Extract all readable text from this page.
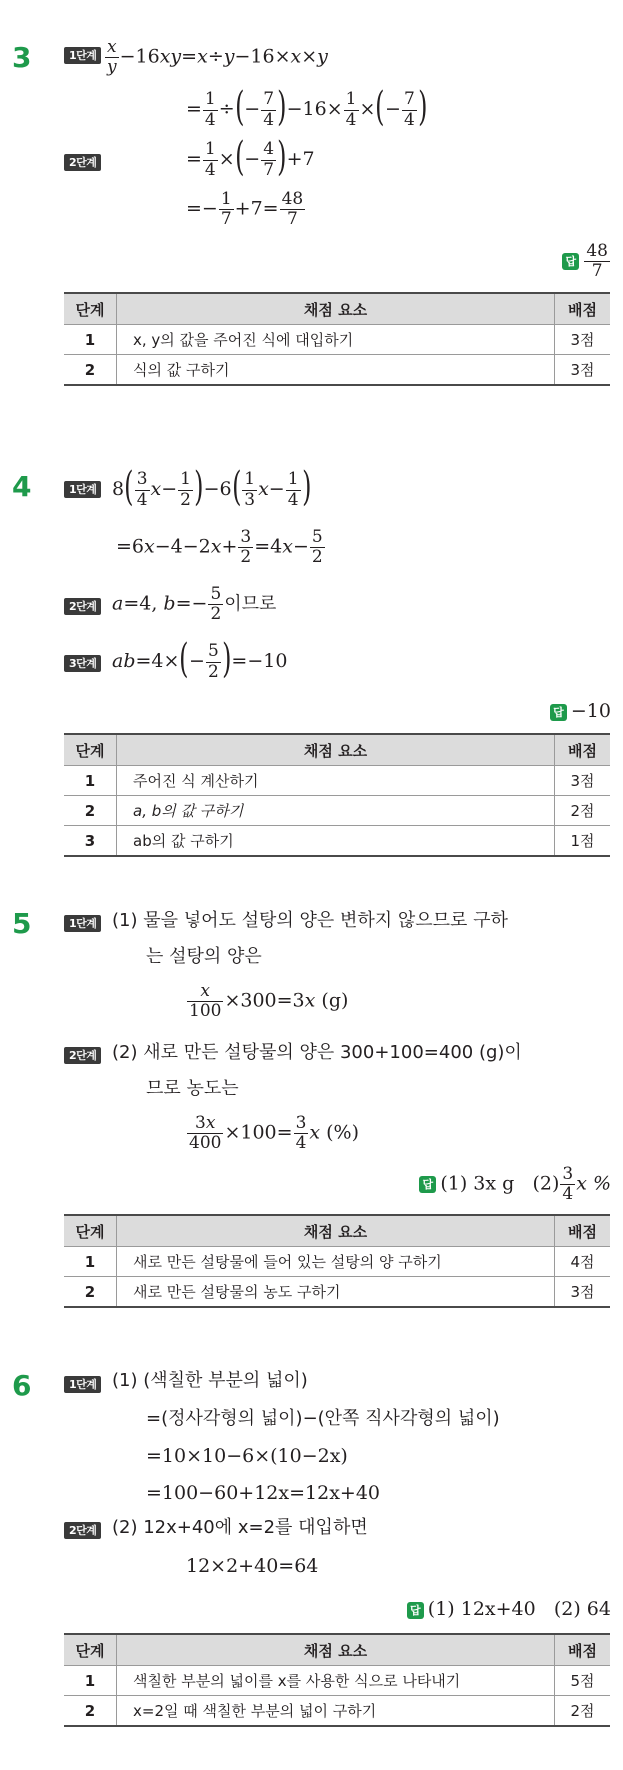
3	1단계 $\frac{x}{y} -16xy=x\div y-16\times x\times y$
= $\frac{1}{4}$ ÷(− $\frac{7}{4} )-16\times \frac{1}{4}$ ×(− $\frac{7}{4}$ )
2단계	= $\frac{1}{4}$ ×(− $\frac{4}{7} )+7$
=− $\frac{1}{7} +7= \frac{48}{7}$
답 $\frac{48}{7}$
단계	채점 요소	배점
1	x, y의 값을 주어진 식에 대입하기	3점
2	식의 값 구하기	3점
4	1단계 $8( \frac{3}{4} x- \frac{1}{2} )-6( \frac{1}{3} x- \frac{1}{4}$ )
$=6x-4-2x+ \frac{3}{2} =4x- \frac{5}{2}$
2단계 a=4, $b=- \frac{5}{2}$ 이므로
3단계 $ab=4\times(- \frac{5}{2} )=-10$
답 −10
단계	채점 요소	배점
1	주어진 식 계산하기	3점
2	a, b의 값 구하기	2점
3	ab의 값 구하기	1점
5	1단계 (1) 물을 넣어도 설탕의 양은 변하지 않으므로 구하
는 설탕의 양은
$\frac{x}{100} \times 300=3x$ (g)
2단계 (2) 새로 만든 설탕물의 양은 300+100=400 (g)이
므로 농도는
$\frac{3x}{400} \times 100= \frac{3}{4}$ x (%)
답 (1) 3x g $(2) \frac{3}{4}$ x %
단계	채점 요소	배점
1	새로 만든 설탕물에 들어 있는 설탕의 양 구하기	4점
2	새로 만든 설탕물의 농도 구하기	3점
6	1단계 (1) (색칠한 부분의 넓이)
=(정사각형의 넓이)−(안쪽 직사각형의 넓이)
=10×10−6×(10−2x)
=100−60+12x=12x+40
2단계 (2) 12x+40에 x=2를 대입하면
12×2+40=64
답 (1) 12x+40   (2) 64
단계	채점 요소	배점
1	색칠한 부분의 넓이를 x를 사용한 식으로 나타내기	5점
2	x=2일 때 색칠한 부분의 넓이 구하기	2점
